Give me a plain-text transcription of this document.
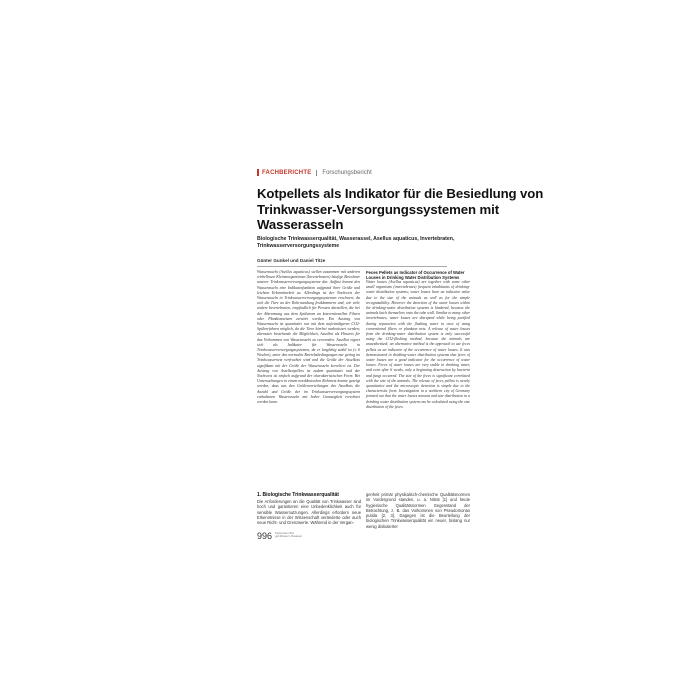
FACHBERICHTE Forschungsbericht
Kotpellets als Indikator für die Besiedlung von Trinkwasser-Versorgungssystemen mit Wasserasseln
Biologische Trinkwasserqualität, Wasserassel, Asellus aquaticus, Invertebraten, Trinkwasserversorgungssysteme
Günter Gunkel und Daniel Titze
Wasserasseln (Asellus aquaticus) stellen zusammen mit anderen wirbellosen Kleinstorganismen (Invertebraten) häufige Bewohner unserer Trinkwasserversorgungssysteme dar. Auffast kommt den Wasserasseln eine Indikatorfunktion aufgrund ihrer Größe und leichten Erkennbarkeit zu. Allerdings ist der Nachweis der Wasserasseln in Trinkwasserversorgungssystemen erschwert, da sich die Tiere an der Rohrwandung festklammern und, wie viele andere Invertebraten, empfindlich für Pressen darstellen, die bei der Abtrennung aus dem Spülstrom an konventionellen Filtern oder Planktonnetzen zerstört werden. Ein Austrag von Wasserasseln ist quantitativ nur mit dem aufwändigeren CO2-Spülverfahren möglich, da die Tiere hierbei narkotisiert werden; alternativ bestehende die Möglichkeit, Asselkot als Hinweis für das Vorkommen von Wasserasseln zu verwenden. Asselkot eignet sich als Indikator für Wasserasseln in Trinkwasserversorgungssystemen, da er langlebig stabil ist (≥ 6 Wochen), unter den normalen Betriebsbedingungen nur gering im Trinkwassernetz verfrachtet wird und die Größe der Asselkots signifikant mit der Größe der Wasserasseln korreliert ist. Der Austrag von Asselkotpellets ist zudem quantitativ und der Nachweis ist einfach aufgrund der charakteristischen Form. Bei Untersuchungen in einem norddeutschen Rohrnetz konnte gezeigt werden, dass aus den Größenverteilungen des Asselkots die Anzahl und Größe der im Trinkwasserversorgungssystem enthaltenen Wasserasseln mit hoher Genauigkeit errechnet werden kann.
Feces Pellets as Indicator of Occurrence of Water Louses in Drinking Water Distribution Systems
Water louses (Asellus aquaticus) are together with some other small organisms (invertebrates) frequent inhabitants of drinking-water distribution systems; water louses have an indicator value due to the size of the animals as well as for the simple recognizability. However the detection of the water louses within the drinking-water distribution systems is hindered, because the animals latch themselves onto the tube wall. Similar to many other invertebrates, water louses are disrupted while being purified during separation with the flushing water in case of using conventional filters or plankton nets. A release of water louses from the drinking-water distribution system is only successful using the CO2-flushing method, because the animals are anaesthetised; an alternative method is the approach to use feces pellets as an indicator of the occurrence of water louses. It was demonstrated in drinking-water distribution systems that feces of water louses are a good indicator for the occurrence of water louses. Feces of water louses are very stable in drinking water, and even after 6 weeks, only a beginning destruction by bacteria and fungi occurred. The size of the feces is significant correlated with the size of the animals. The release of feces pellets is nearly quantitative and the microscopic detection is simple due to the characteristic form. Investigation in a northern city of Germany pointed out that the water louses amount and size distribution in a drinking water distribution system can be calculated using the size distribution of the feces.
1. Biologische Trinkwasserqualität
Die Anforderungen an die Qualität von Trinkwasser sind hoch und garantieren eine Unbedenklichkeit auch für sensible Wassernutzungen. Allerdings erfordern neue Erkenntnisse in der Wissenschaft veränderte oder auch neue Richt- und Grenzwerte. Während in der Vergan-
genheit primär physikalisch-chemische Qualitätsnormen im Vordergrund standen, u. a. Nitrat [1] und heute hygienische Qualitätsnormen Gegenstand der Betrachtung, z. B. das Vorkommen von Pseudomonas putida [2, 3]. Dagegen ist die Beurteilung der biologischen Trinkwasserqualität ein neuer, bislang nur wenig diskutierter
996 September 2011
gwf-Wasser | Abwasser
